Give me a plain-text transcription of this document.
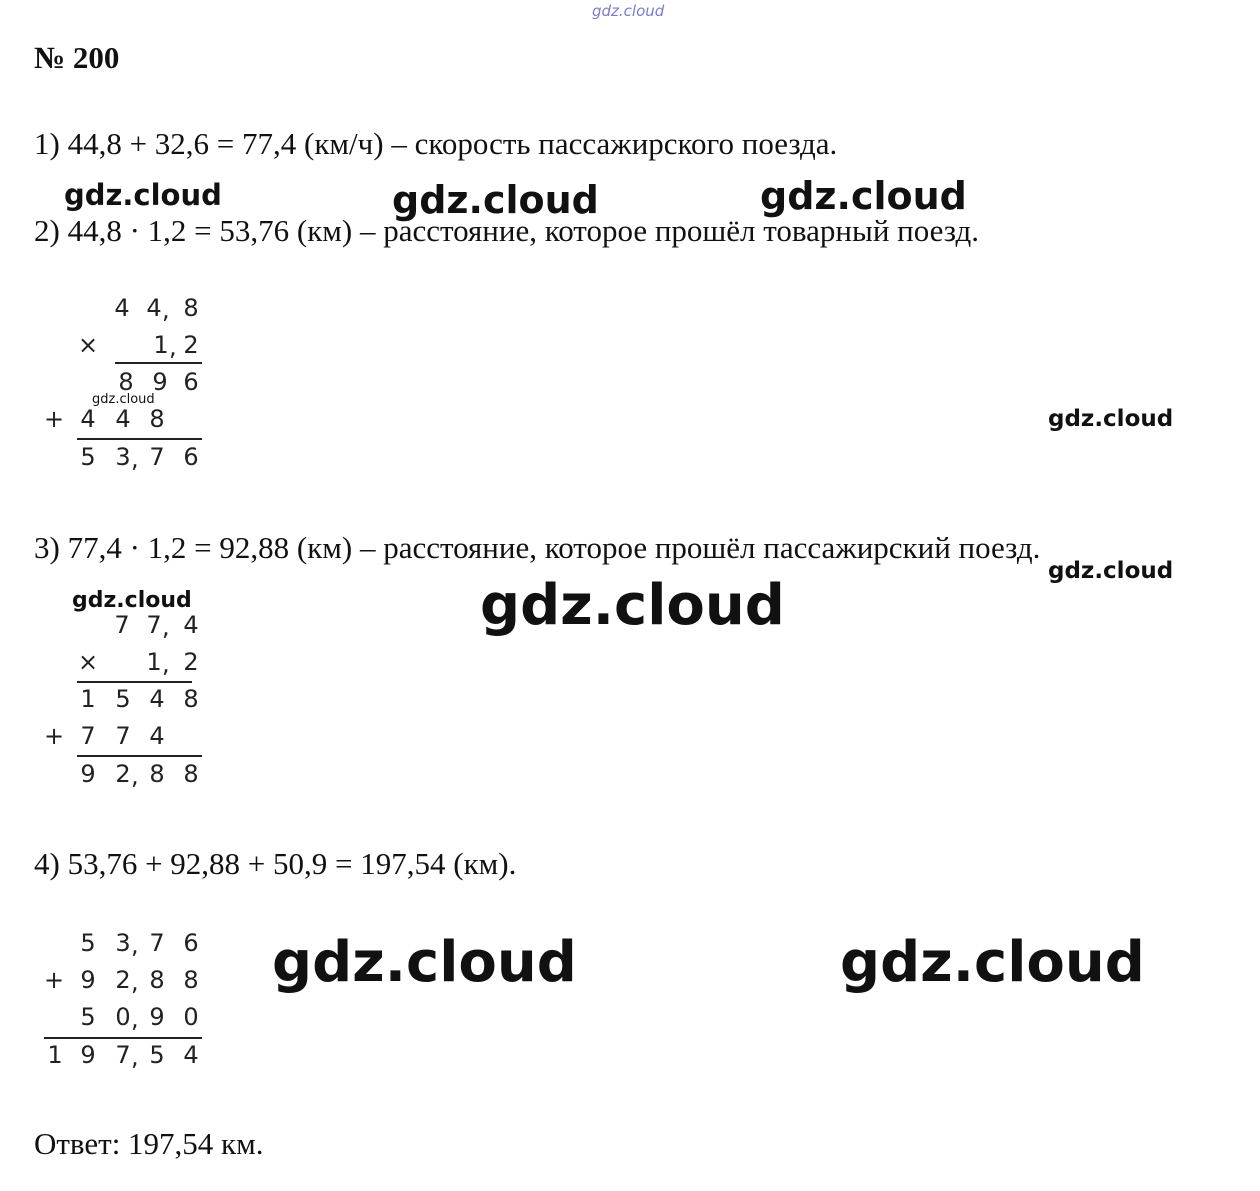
gdz.cloud
№ 200
1) 44,8 + 32,6 = 77,4 (км/ч) – скорость пассажирского поезда.
2) 44,8 · 1,2 = 53,76 (км) – расстояние, которое прошёл товарный поезд.
3) 77,4 · 1,2 = 92,88 (км) – расстояние, которое прошёл пассажирский поезд.
4) 53,76 + 92,88 + 50,9 = 197,54 (км).
Ответ: 197,54 км.
gdz.cloud	gdz.cloud	gdz.cloud
gdz.cloud
gdz.cloud
gdz.cloud
gdz.cloud	gdz.cloud
gdz.cloud	gdz.cloud
4 4 , 8
× 1 , 2
8 9 6
+ 4 4 8
5 3 , 7 6
7 7 , 4
× 1 , 2
1 5 4 8
+ 7 7 4
9 2 , 8 8
5 3 , 7 6
+ 9 2 , 8 8
5 0 , 9 0
1 9 7 , 5 4
